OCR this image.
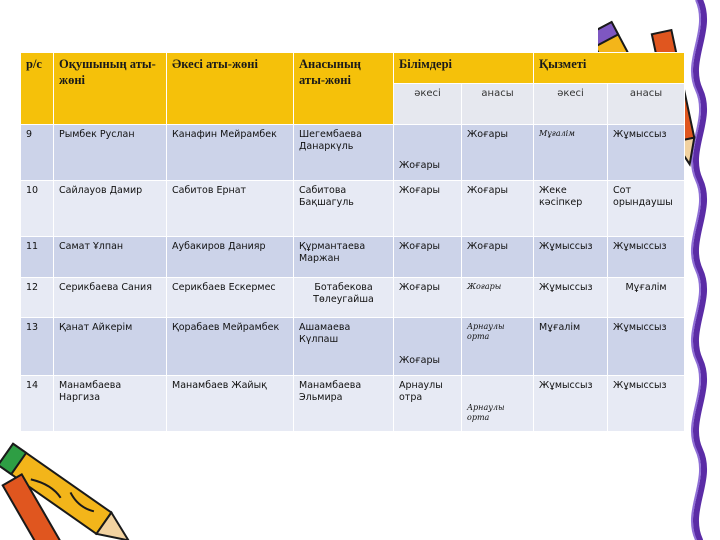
р/с	Оқушының аты-жөні	Әкесі аты-жөні	Анасының аты-жөні	Білімдері		Қызметі	
				әкесі	анасы	әкесі	анасы
9	Рымбек Руслан	Канафин Мейрамбек	Шегембаева Данаркүль	Жоғары	Жоғары	Мұғалім	Жұмыссыз
10	Сайлауов Дамир	Сабитов Ернат	Сабитова Бақшагуль	Жоғары	Жоғары	Жеке кәсіпкер	Сот орындаушы
11	Самат Ұлпан	Аубакиров Данияр	Құрмантаева Маржан	Жоғары	Жоғары	Жұмыссыз	Жұмыссыз
12	Серикбаева Сания	Серикбаев Ескермес	Ботабекова Төлеугайша	Жоғары	Жоғары	Жұмыссыз	Мұғалім
13	Қанат Айкерім	Қорабаев Мейрамбек	Ашамаева Күлпаш	Жоғары	Арнаулы орта	Мұғалім	Жұмыссыз
14	Манамбаева Наргиза	Манамбаев Жайық	Манамбаева Эльмира	Арнаулы отра	Арнаулы орта	Жұмыссыз	Жұмыссыз
